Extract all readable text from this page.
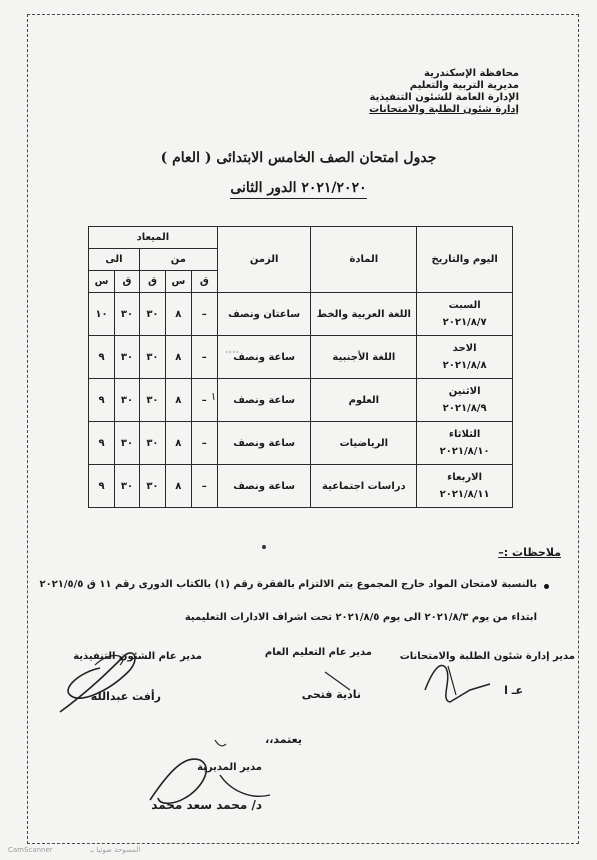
محافظة الإسكندرية
مديرية التربية والتعليم
الإدارة العامة للشئون التنفيذية
إدارة شئون الطلبة والامتحانات
جدول امتحان الصف الخامس الابتدائى ( العام )
٢٠٢١/٢٠٢٠ الدور الثانى
اليوم والتاريخ	المادة	الزمن	الميعاد				
			من			الى	
			ق	س	ق	ق	س
السبت
٢٠٢١/٨/٧	اللغة العربية والخط	ساعتان ونصف	–	٨	٣٠	٣٠	١٠
الاحد
٢٠٢١/٨/٨	اللغة الأجنبية	ساعة ونصف	–	٨	٣٠	٣٠	٩
الاثنين
٢٠٢١/٨/٩	العلوم	ساعة ونصف	–	٨	٣٠	٣٠	٩
الثلاثاء
٢٠٢١/٨/١٠	الرياضيات	ساعة ونصف	–	٨	٣٠	٣٠	٩
الاربعاء
٢٠٢١/٨/١١	دراسات اجتماعية	ساعة ونصف	–	٨	٣٠	٣٠	٩
ملاحظات :–
بالنسبة لامتحان المواد خارج المجموع يتم الالتزام بالفقرة رقم (١) بالكتاب الدورى رقم ١١ ق ٢٠٢١/٥/٥
ابتداء من يوم ٢٠٢١/٨/٣ الى يوم ٢٠٢١/٨/٥ تحت اشراف الادارات التعليمية
مدير إدارة شئون الطلبة والامتحانات
مدير عام التعليم العام
مدير عام الشئون التنفيذية
عـ ا
نادية فتحى
رأفت عبدالله
يعتمد،،
مدير المديرية
د/ محمد سعد محمد
CamScanner	المسوحة ضوئيا بـ
